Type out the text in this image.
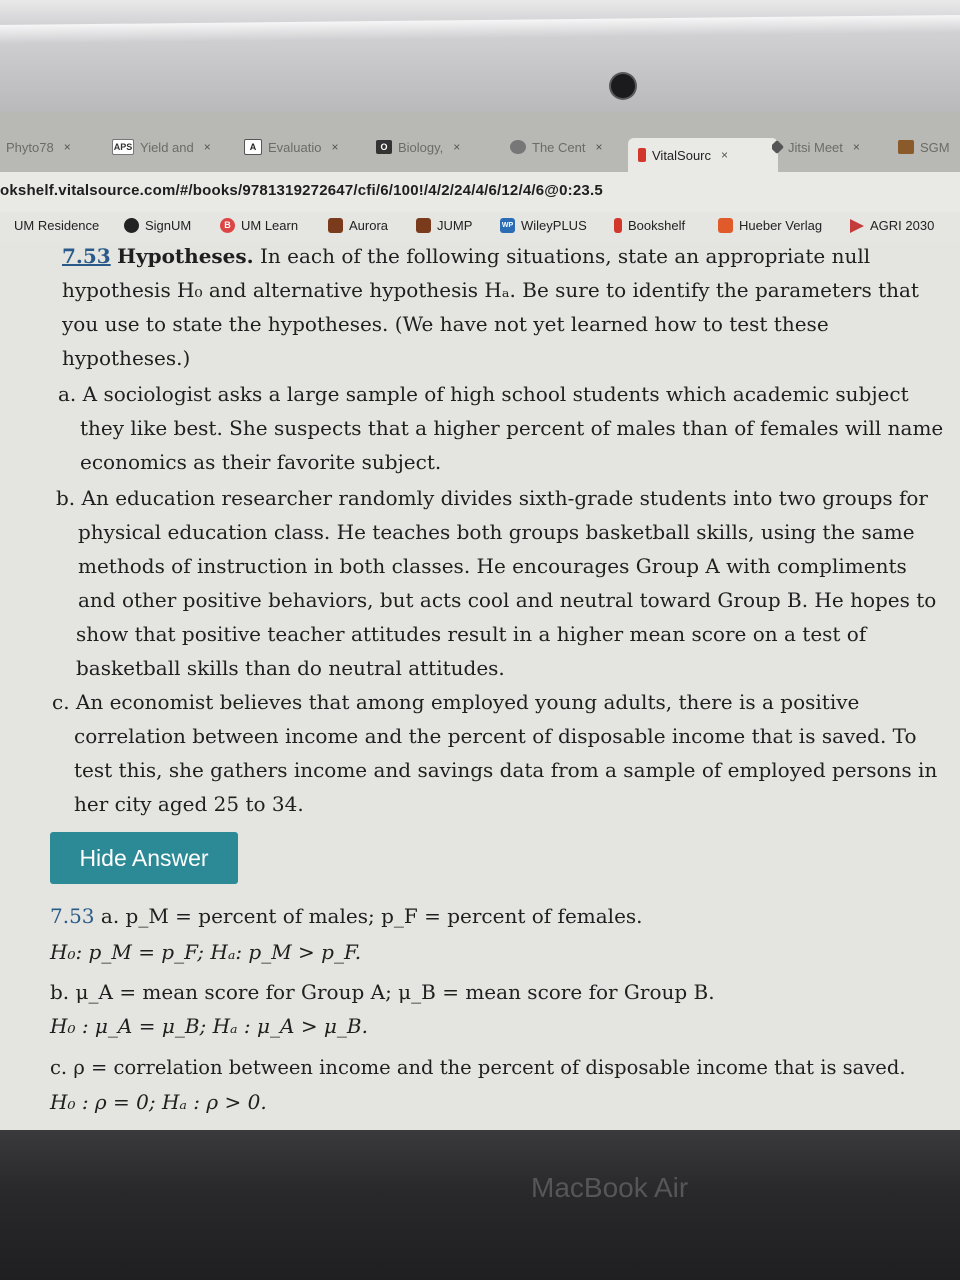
Phyto78 ×	APS Yield and ×	A Evaluatio ×	O Biology, ×	The Cent ×
VitalSourc ×
Jitsi Meet ×	SGM
okshelf.vitalsource.com/#/books/9781319272647/cfi/6/100!/4/2/24/4/6/12/4/6@0:23.5
UM Residence	SignUM	B UM Learn	Aurora	JUMP	WP WileyPLUS	Bookshelf	Hueber Verlag	AGRI 2030
7.53 Hypotheses. In each of the following situations, state an appropriate null
hypothesis H₀ and alternative hypothesis Hₐ. Be sure to identify the parameters that
you use to state the hypotheses. (We have not yet learned how to test these
hypotheses.)
a. A sociologist asks a large sample of high school students which academic subject
they like best. She suspects that a higher percent of males than of females will name
economics as their favorite subject.
b. An education researcher randomly divides sixth-grade students into two groups for
physical education class. He teaches both groups basketball skills, using the same
methods of instruction in both classes. He encourages Group A with compliments
and other positive behaviors, but acts cool and neutral toward Group B. He hopes to
show that positive teacher attitudes result in a higher mean score on a test of
basketball skills than do neutral attitudes.
c. An economist believes that among employed young adults, there is a positive
correlation between income and the percent of disposable income that is saved. To
test this, she gathers income and savings data from a sample of employed persons in
her city aged 25 to 34.
Hide Answer
7.53 a. p_M = percent of males; p_F = percent of females.
H₀: p_M = p_F; Hₐ: p_M > p_F.
b. μ_A = mean score for Group A; μ_B = mean score for Group B.
H₀ : μ_A = μ_B; Hₐ : μ_A > μ_B.
c. ρ = correlation between income and the percent of disposable income that is saved.
H₀ : ρ = 0; Hₐ : ρ > 0.
MacBook Air
